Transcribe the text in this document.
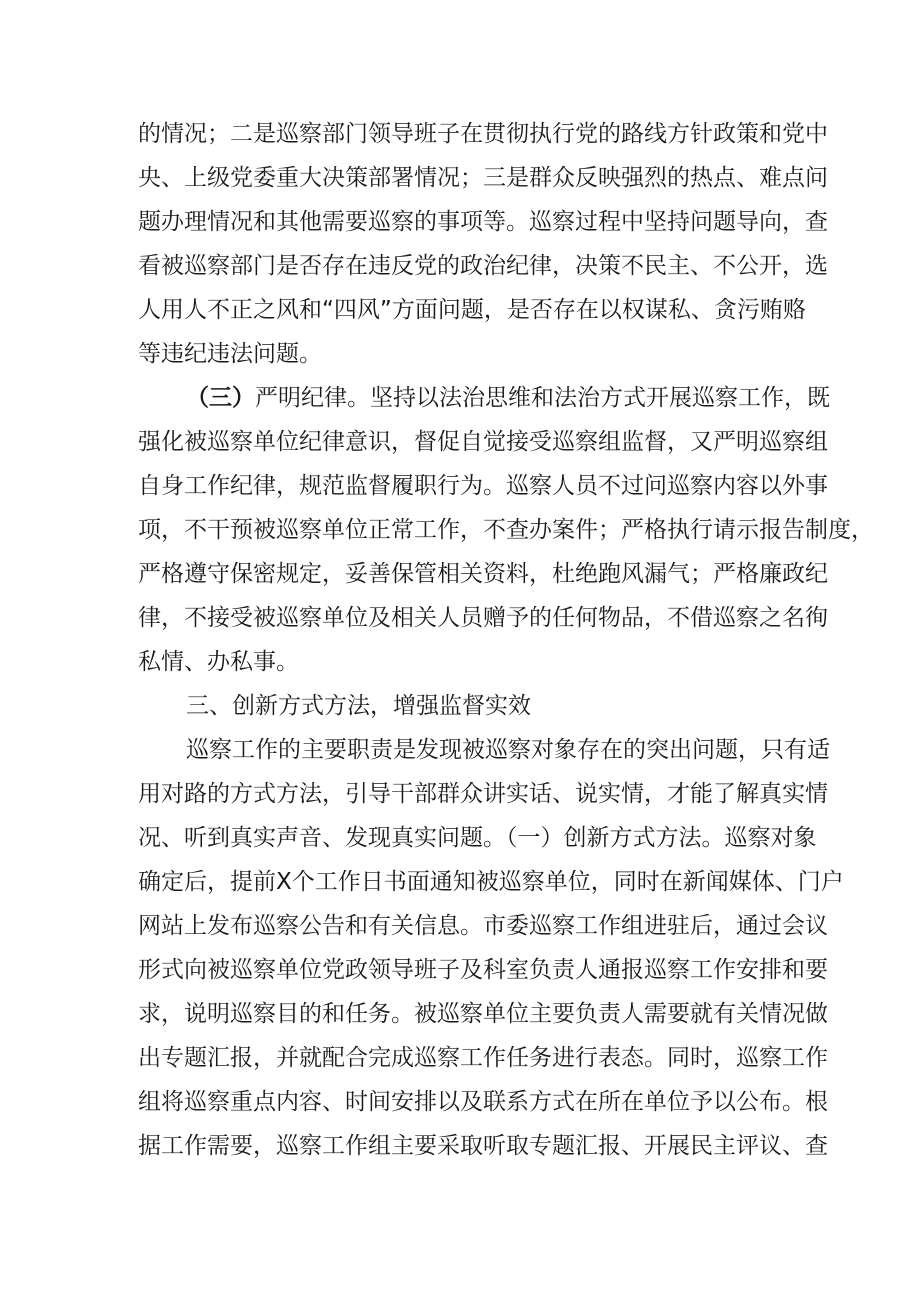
的情况；二是巡察部门领导班子在贯彻执行党的路线方针政策和党中
央、上级党委重大决策部署情况；三是群众反映强烈的热点、难点问
题办理情况和其他需要巡察的事项等。巡察过程中坚持问题导向，查
看被巡察部门是否存在违反党的政治纪律，决策不民主、不公开，选
人用人不正之风和“四风”方面问题，是否存在以权谋私、贪污贿赂
等违纪违法问题。
（三） 严明纪律。坚持以法治思维和法治方式开展巡察工作，既
强化被巡察单位纪律意识，督促自觉接受巡察组监督，又严明巡察组
自身工作纪律，规范监督履职行为。巡察人员不过问巡察内容以外事
项，不干预被巡察单位正常工作，不查办案件；严格执行请示报告制度，
严格遵守保密规定，妥善保管相关资料，杜绝跑风漏气；严格廉政纪
律，不接受被巡察单位及相关人员赠予的任何物品，不借巡察之名徇
私情、办私事。
三、创新方式方法，增强监督实效
巡察工作的主要职责是发现被巡察对象存在的突出问题，只有适
用对路的方式方法，引导干部群众讲实话、说实情，才能了解真实情
况、听到真实声音、发现真实问题。（一）创新方式方法。巡察对象
确定后，提前X个工作日书面通知被巡察单位，同时在新闻媒体、门户
网站上发布巡察公告和有关信息。市委巡察工作组进驻后，通过会议
形式向被巡察单位党政领导班子及科室负责人通报巡察工作安排和要
求，说明巡察目的和任务。被巡察单位主要负责人需要就有关情况做
出专题汇报，并就配合完成巡察工作任务进行表态。同时，巡察工作
组将巡察重点内容、时间安排以及联系方式在所在单位予以公布。根
据工作需要，巡察工作组主要采取听取专题汇报、开展民主评议、查
